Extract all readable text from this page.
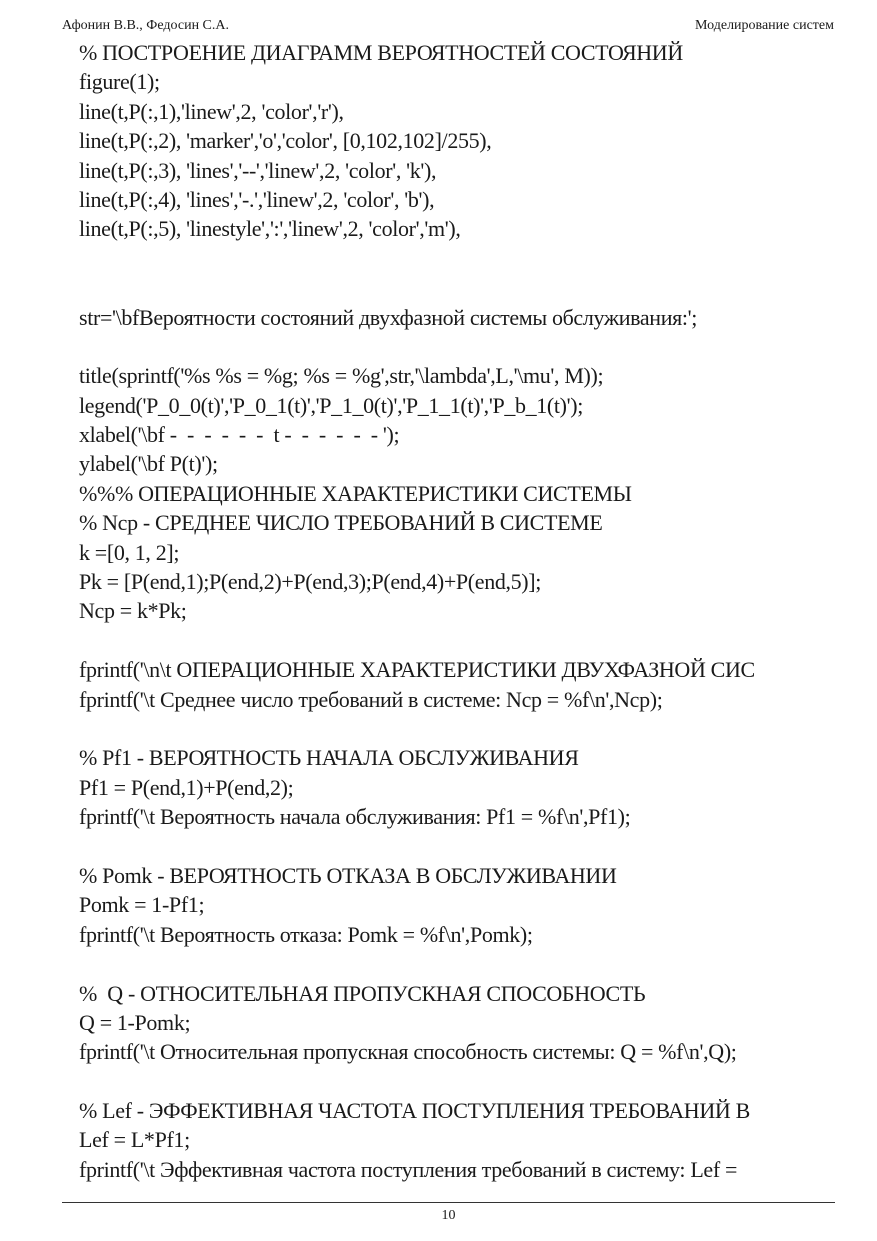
Афонин В.В., Федосин С.А.	Моделирование систем
% ПОСТРОЕНИЕ ДИАГРАММ ВЕРОЯТНОСТЕЙ СОСТОЯНИЙ
figure(1);
line(t,P(:,1),'linew',2, 'color','r'),
line(t,P(:,2), 'marker','o','color', [0,102,102]/255),
line(t,P(:,3), 'lines','--','linew',2, 'color', 'k'),
line(t,P(:,4), 'lines','-.','linew',2, 'color', 'b'),
line(t,P(:,5), 'linestyle',':','linew',2, 'color','m'),
str='\bfВероятности состояний двухфазной системы обслуживания:';
title(sprintf('%s %s = %g; %s = %g',str,'\lambda',L,'\mu', M));
legend('P_0_0(t)','P_0_1(t)','P_1_0(t)','P_1_1(t)','P_b_1(t)');
xlabel('\bf -  -  -  -  -  -  t -  -  -  -  -  - ');
ylabel('\bf P(t)');
%%% ОПЕРАЦИОННЫЕ ХАРАКТЕРИСТИКИ СИСТЕМЫ
% Ncp - СРЕДНЕЕ ЧИСЛО ТРЕБОВАНИЙ В СИСТЕМЕ
k =[0, 1, 2];
Pk = [P(end,1);P(end,2)+P(end,3);P(end,4)+P(end,5)];
Ncp = k*Pk;
fprintf('\n\t ОПЕРАЦИОННЫЕ ХАРАКТЕРИСТИКИ ДВУХФАЗНОЙ СИС
fprintf('\t Среднее число требований в системе: Ncp = %f\n',Ncp);
% Pf1 - ВЕРОЯТНОСТЬ НАЧАЛА ОБСЛУЖИВАНИЯ
Pf1 = P(end,1)+P(end,2);
fprintf('\t Вероятность начала обслуживания: Pf1 = %f\n',Pf1);
% Pomk - ВЕРОЯТНОСТЬ ОТКАЗА В ОБСЛУЖИВАНИИ
Pomk = 1-Pf1;
fprintf('\t Вероятность отказа: Pomk = %f\n',Pomk);
%  Q - ОТНОСИТЕЛЬНАЯ ПРОПУСКНАЯ СПОСОБНОСТЬ
Q = 1-Pomk;
fprintf('\t Относительная пропускная способность системы: Q = %f\n',Q);
% Lef - ЭФФЕКТИВНАЯ ЧАСТОТА ПОСТУПЛЕНИЯ ТРЕБОВАНИЙ В
Lef = L*Pf1;
fprintf('\t Эффективная частота поступления требований в систему: Lef =
10
